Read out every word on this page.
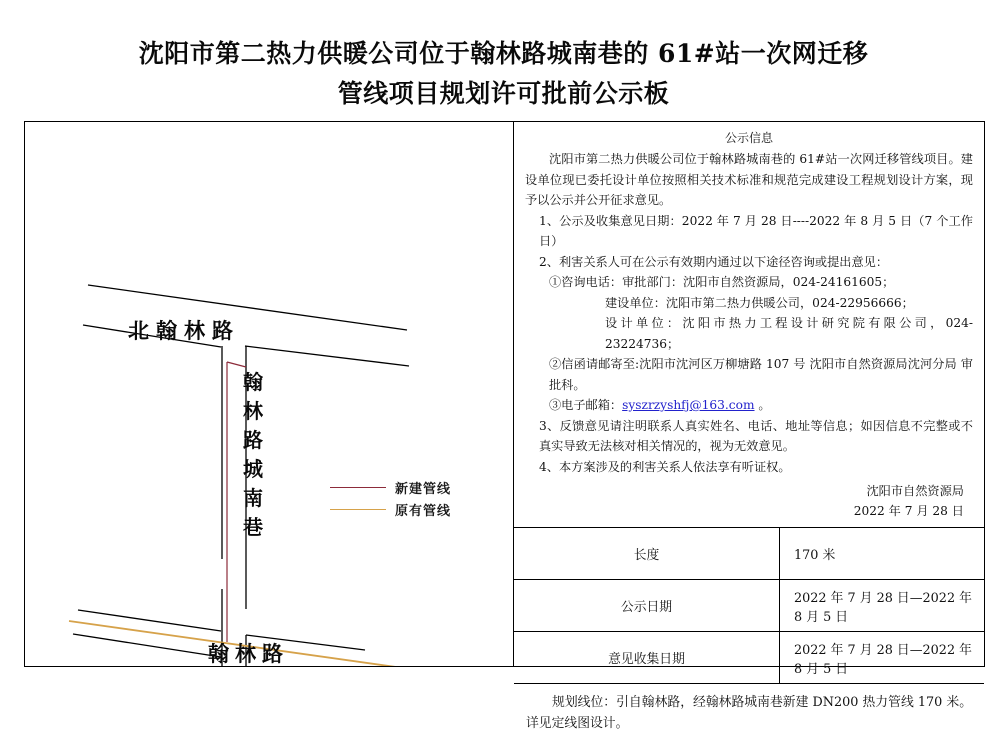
沈阳市第二热力供暖公司位于翰林路城南巷的 61#站一次网迁移
管线项目规划许可批前公示板
北翰林路
翰林路
翰
林
路
城
南
巷
新建管线
原有管线
公示信息
沈阳市第二热力供暖公司位于翰林路城南巷的 61#站一次网迁移管线项目。建设单位现已委托设计单位按照相关技术标准和规范完成建设工程规划设计方案，现予以公示并公开征求意见。
1、公示及收集意见日期：2022 年 7 月 28 日----2022 年 8 月 5 日（7 个工作日）
2、利害关系人可在公示有效期内通过以下途径咨询或提出意见：
①咨询电话：审批部门：沈阳市自然资源局，024-24161605；
建设单位：沈阳市第二热力供暖公司，024-22956666；
设计单位：沈阳市热力工程设计研究院有限公司，024-23224736；
②信函请邮寄至:沈阳市沈河区万柳塘路 107 号 沈阳市自然资源局沈河分局 审批科。
③电子邮箱：syszrzyshfj@163.com 。
3、反馈意见请注明联系人真实姓名、电话、地址等信息；如因信息不完整或不真实导致无法核对相关情况的，视为无效意见。
4、本方案涉及的利害关系人依法享有听证权。
沈阳市自然资源局
2022 年 7 月 28 日
长度	170 米
公示日期
2022 年 7 月 28 日—2022 年 8 月 5 日
意见收集日期
2022 年 7 月 28 日—2022 年 8 月 5 日
规划线位：引自翰林路，经翰林路城南巷新建 DN200 热力管线 170 米。详见定线图设计。
